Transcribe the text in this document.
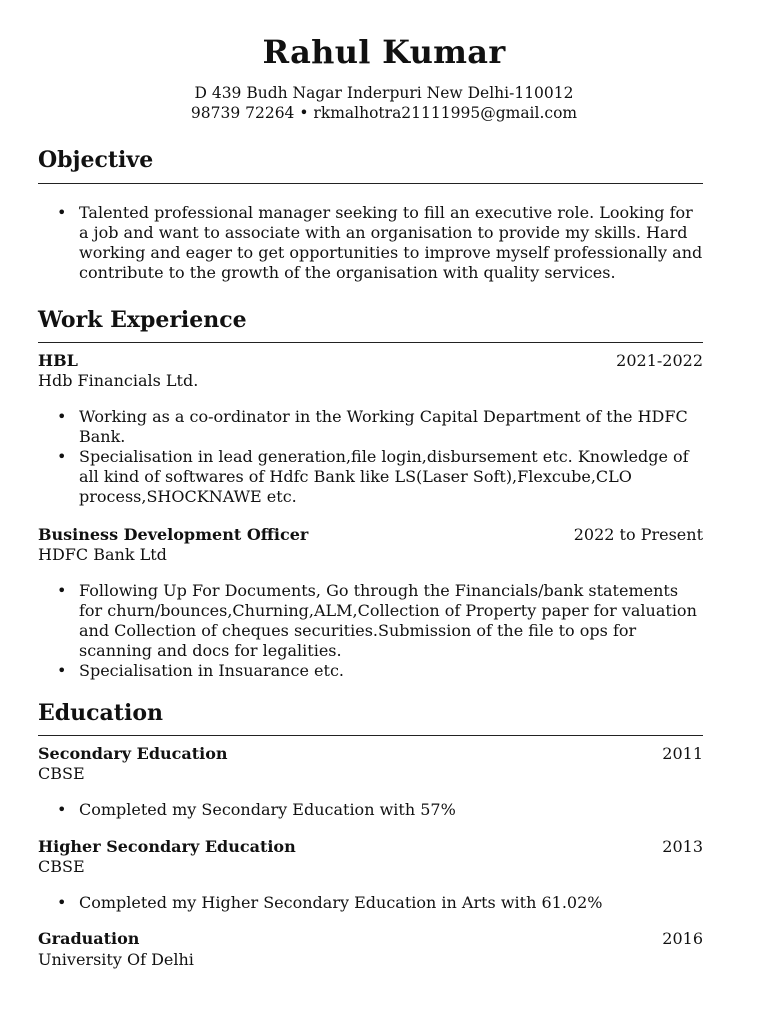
Rahul Kumar
D 439 Budh Nagar Inderpuri New Delhi-110012
98739 72264 • rkmalhotra21111995@gmail.com
Objective
• Talented professional manager seeking to fill an executive role. Looking for a job and want to associate with an organisation to provide my skills. Hard working and eager to get opportunities to improve myself professionally and contribute to the growth of the organisation with quality services.
Work Experience
HBL	2021-2022
Hdb Financials Ltd.
• Working as a co-ordinator in the Working Capital Department of the HDFC Bank.
• Specialisation in lead generation,file login,disbursement etc. Knowledge of all kind of softwares of Hdfc Bank like LS(Laser Soft),Flexcube,CLO process,SHOCKNAWE etc.
Business Development Officer	2022 to Present
HDFC Bank Ltd
• Following Up For Documents, Go through the Financials/bank statements for churn/bounces,Churning,ALM,Collection of Property paper for valuation and Collection of cheques securities.Submission of the file to ops for scanning and docs for legalities.
• Specialisation in Insuarance etc.
Education
Secondary Education	2011
CBSE
• Completed my Secondary Education with 57%
Higher Secondary Education	2013
CBSE
• Completed my Higher Secondary Education in Arts with 61.02%
Graduation	2016
University Of Delhi
